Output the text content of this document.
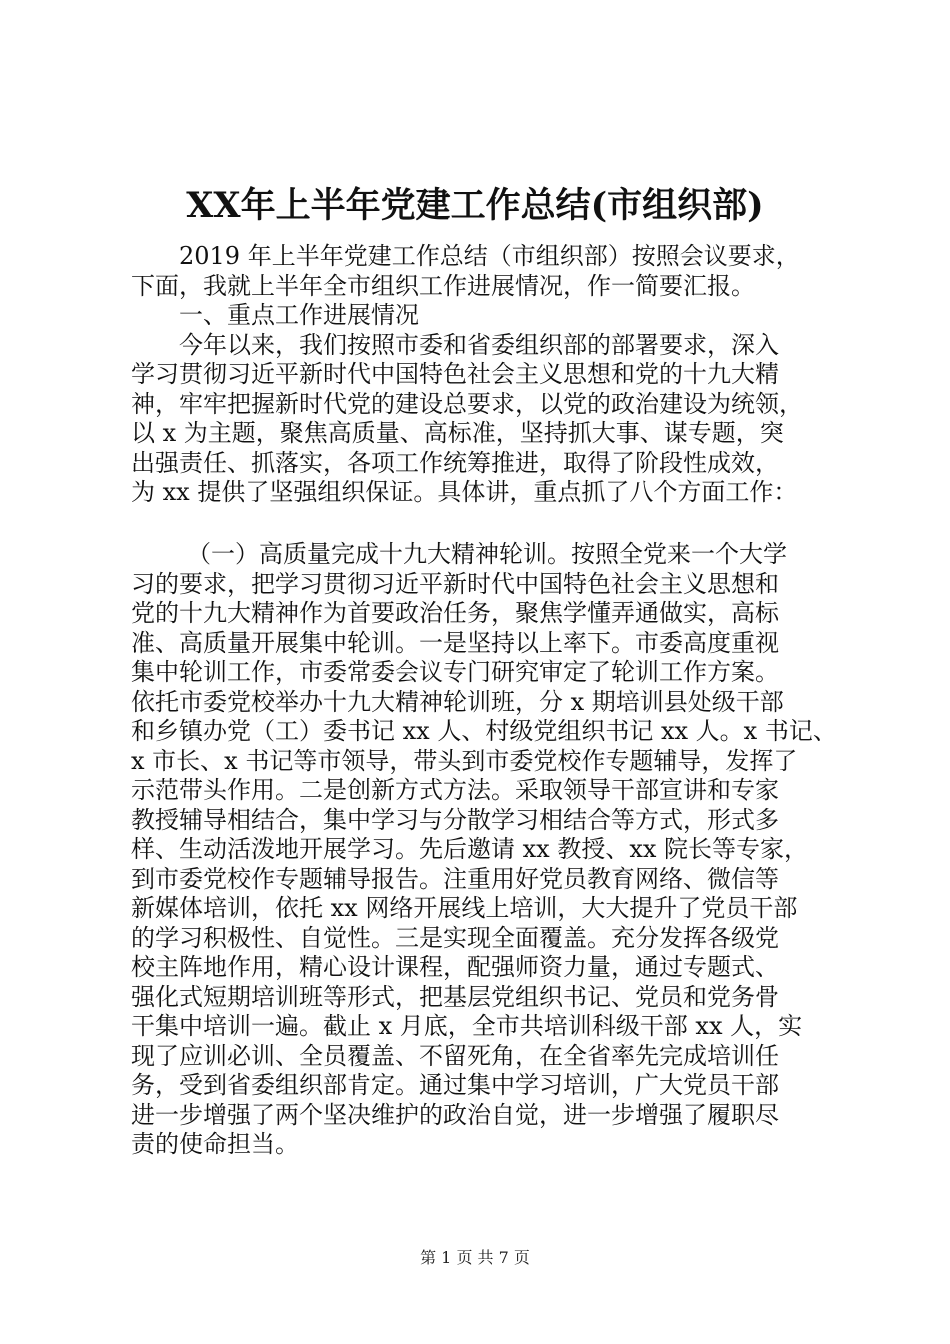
XX年上半年党建工作总结(市组织部)
2019 年上半年党建工作总结（市组织部）按照会议要求，
下面，我就上半年全市组织工作进展情况，作一简要汇报。
一、重点工作进展情况
今年以来，我们按照市委和省委组织部的部署要求，深入
学习贯彻习近平新时代中国特色社会主义思想和党的十九大精
神，牢牢把握新时代党的建设总要求，以党的政治建设为统领，
以 x 为主题，聚焦高质量、高标准，坚持抓大事、谋专题，突
出强责任、抓落实，各项工作统筹推进，取得了阶段性成效，
为 xx 提供了坚强组织保证。具体讲，重点抓了八个方面工作：
（一）高质量完成十九大精神轮训。按照全党来一个大学
习的要求，把学习贯彻习近平新时代中国特色社会主义思想和
党的十九大精神作为首要政治任务，聚焦学懂弄通做实，高标
准、高质量开展集中轮训。一是坚持以上率下。市委高度重视
集中轮训工作，市委常委会议专门研究审定了轮训工作方案。
依托市委党校举办十九大精神轮训班，分 x 期培训县处级干部
和乡镇办党（工）委书记 xx 人、村级党组织书记 xx 人。x 书记、
x 市长、x 书记等市领导，带头到市委党校作专题辅导，发挥了
示范带头作用。二是创新方式方法。采取领导干部宣讲和专家
教授辅导相结合，集中学习与分散学习相结合等方式，形式多
样、生动活泼地开展学习。先后邀请 xx 教授、xx 院长等专家，
到市委党校作专题辅导报告。注重用好党员教育网络、微信等
新媒体培训，依托 xx 网络开展线上培训，大大提升了党员干部
的学习积极性、自觉性。三是实现全面覆盖。充分发挥各级党
校主阵地作用，精心设计课程，配强师资力量，通过专题式、
强化式短期培训班等形式，把基层党组织书记、党员和党务骨
干集中培训一遍。截止 x 月底，全市共培训科级干部 xx 人，实
现了应训必训、全员覆盖、不留死角，在全省率先完成培训任
务，受到省委组织部肯定。通过集中学习培训，广大党员干部
进一步增强了两个坚决维护的政治自觉，进一步增强了履职尽
责的使命担当。
第 1 页 共 7 页
